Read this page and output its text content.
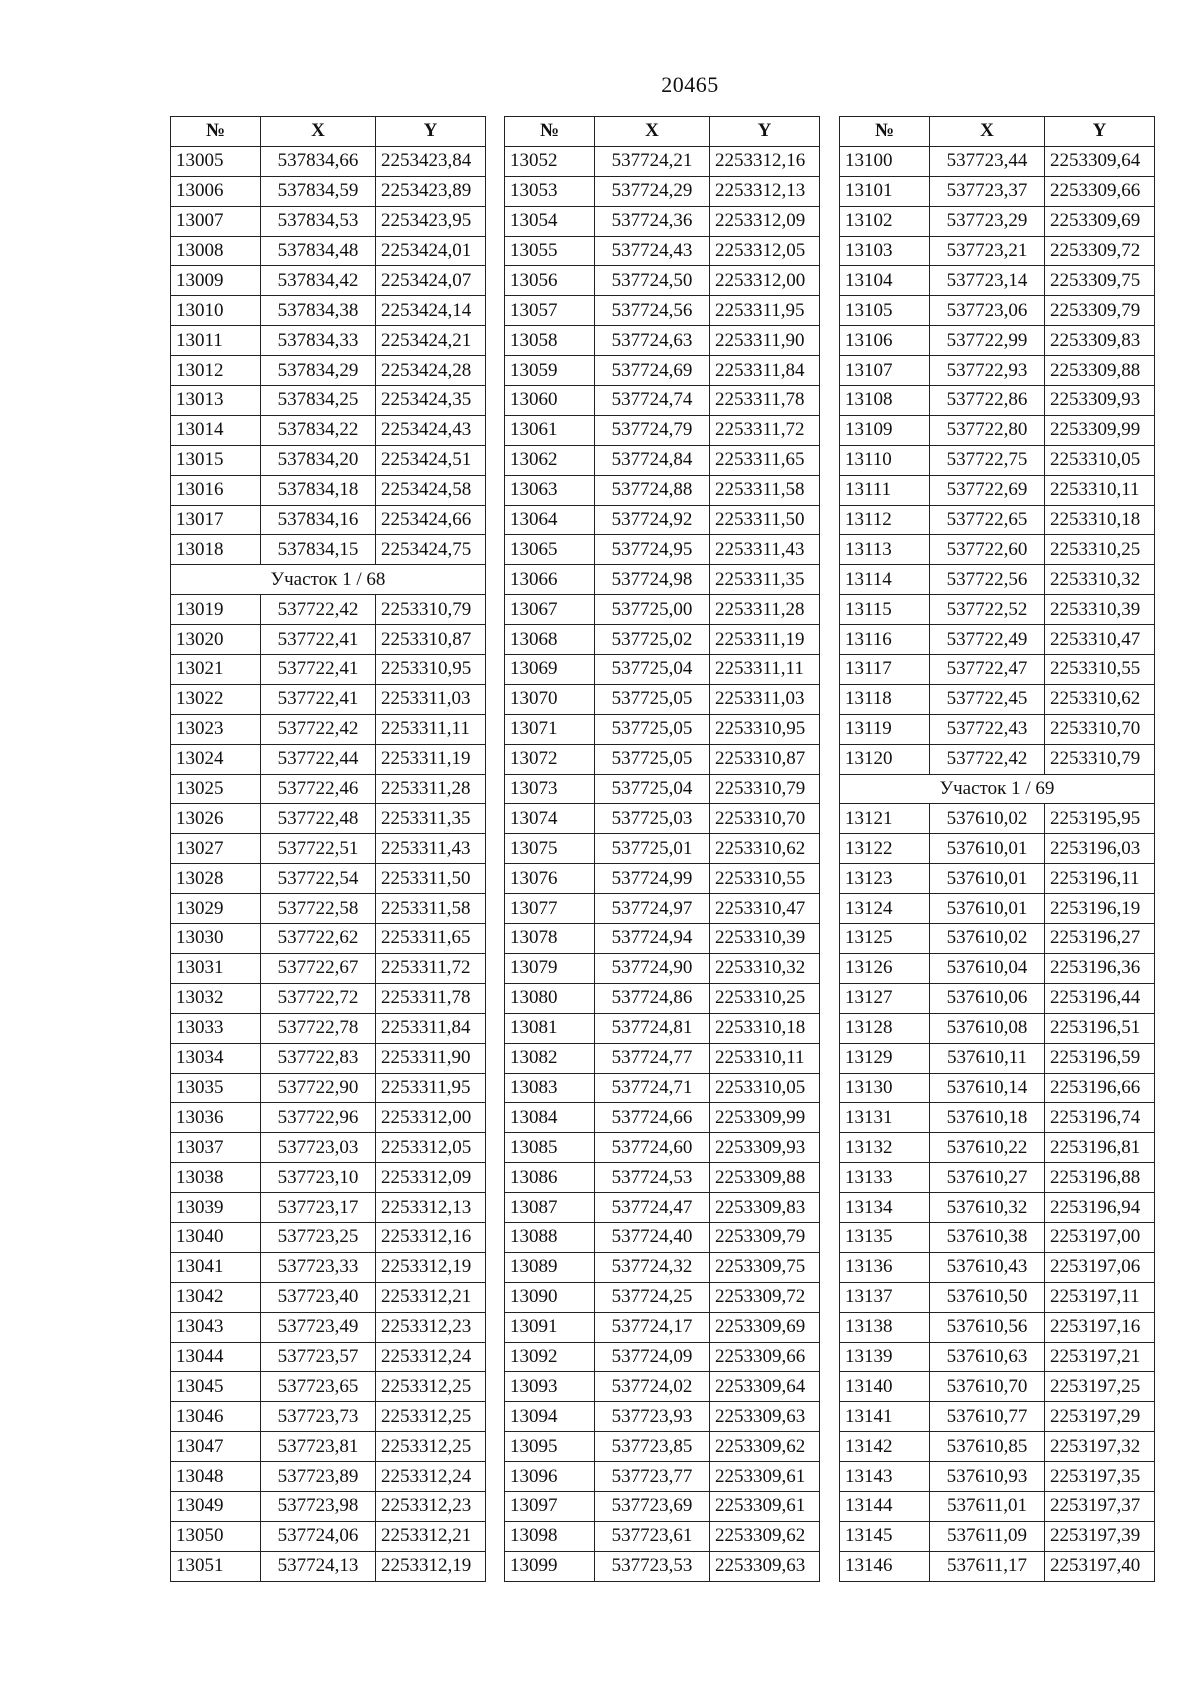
20465
№	X	Y
13005	537834,66	2253423,84
13006	537834,59	2253423,89
13007	537834,53	2253423,95
13008	537834,48	2253424,01
13009	537834,42	2253424,07
13010	537834,38	2253424,14
13011	537834,33	2253424,21
13012	537834,29	2253424,28
13013	537834,25	2253424,35
13014	537834,22	2253424,43
13015	537834,20	2253424,51
13016	537834,18	2253424,58
13017	537834,16	2253424,66
13018	537834,15	2253424,75
Участок 1 / 68		
13019	537722,42	2253310,79
13020	537722,41	2253310,87
13021	537722,41	2253310,95
13022	537722,41	2253311,03
13023	537722,42	2253311,11
13024	537722,44	2253311,19
13025	537722,46	2253311,28
13026	537722,48	2253311,35
13027	537722,51	2253311,43
13028	537722,54	2253311,50
13029	537722,58	2253311,58
13030	537722,62	2253311,65
13031	537722,67	2253311,72
13032	537722,72	2253311,78
13033	537722,78	2253311,84
13034	537722,83	2253311,90
13035	537722,90	2253311,95
13036	537722,96	2253312,00
13037	537723,03	2253312,05
13038	537723,10	2253312,09
13039	537723,17	2253312,13
13040	537723,25	2253312,16
13041	537723,33	2253312,19
13042	537723,40	2253312,21
13043	537723,49	2253312,23
13044	537723,57	2253312,24
13045	537723,65	2253312,25
13046	537723,73	2253312,25
13047	537723,81	2253312,25
13048	537723,89	2253312,24
13049	537723,98	2253312,23
13050	537724,06	2253312,21
13051	537724,13	2253312,19
№	X	Y
13052	537724,21	2253312,16
13053	537724,29	2253312,13
13054	537724,36	2253312,09
13055	537724,43	2253312,05
13056	537724,50	2253312,00
13057	537724,56	2253311,95
13058	537724,63	2253311,90
13059	537724,69	2253311,84
13060	537724,74	2253311,78
13061	537724,79	2253311,72
13062	537724,84	2253311,65
13063	537724,88	2253311,58
13064	537724,92	2253311,50
13065	537724,95	2253311,43
13066	537724,98	2253311,35
13067	537725,00	2253311,28
13068	537725,02	2253311,19
13069	537725,04	2253311,11
13070	537725,05	2253311,03
13071	537725,05	2253310,95
13072	537725,05	2253310,87
13073	537725,04	2253310,79
13074	537725,03	2253310,70
13075	537725,01	2253310,62
13076	537724,99	2253310,55
13077	537724,97	2253310,47
13078	537724,94	2253310,39
13079	537724,90	2253310,32
13080	537724,86	2253310,25
13081	537724,81	2253310,18
13082	537724,77	2253310,11
13083	537724,71	2253310,05
13084	537724,66	2253309,99
13085	537724,60	2253309,93
13086	537724,53	2253309,88
13087	537724,47	2253309,83
13088	537724,40	2253309,79
13089	537724,32	2253309,75
13090	537724,25	2253309,72
13091	537724,17	2253309,69
13092	537724,09	2253309,66
13093	537724,02	2253309,64
13094	537723,93	2253309,63
13095	537723,85	2253309,62
13096	537723,77	2253309,61
13097	537723,69	2253309,61
13098	537723,61	2253309,62
13099	537723,53	2253309,63
№	X	Y
13100	537723,44	2253309,64
13101	537723,37	2253309,66
13102	537723,29	2253309,69
13103	537723,21	2253309,72
13104	537723,14	2253309,75
13105	537723,06	2253309,79
13106	537722,99	2253309,83
13107	537722,93	2253309,88
13108	537722,86	2253309,93
13109	537722,80	2253309,99
13110	537722,75	2253310,05
13111	537722,69	2253310,11
13112	537722,65	2253310,18
13113	537722,60	2253310,25
13114	537722,56	2253310,32
13115	537722,52	2253310,39
13116	537722,49	2253310,47
13117	537722,47	2253310,55
13118	537722,45	2253310,62
13119	537722,43	2253310,70
13120	537722,42	2253310,79
Участок 1 / 69		
13121	537610,02	2253195,95
13122	537610,01	2253196,03
13123	537610,01	2253196,11
13124	537610,01	2253196,19
13125	537610,02	2253196,27
13126	537610,04	2253196,36
13127	537610,06	2253196,44
13128	537610,08	2253196,51
13129	537610,11	2253196,59
13130	537610,14	2253196,66
13131	537610,18	2253196,74
13132	537610,22	2253196,81
13133	537610,27	2253196,88
13134	537610,32	2253196,94
13135	537610,38	2253197,00
13136	537610,43	2253197,06
13137	537610,50	2253197,11
13138	537610,56	2253197,16
13139	537610,63	2253197,21
13140	537610,70	2253197,25
13141	537610,77	2253197,29
13142	537610,85	2253197,32
13143	537610,93	2253197,35
13144	537611,01	2253197,37
13145	537611,09	2253197,39
13146	537611,17	2253197,40
